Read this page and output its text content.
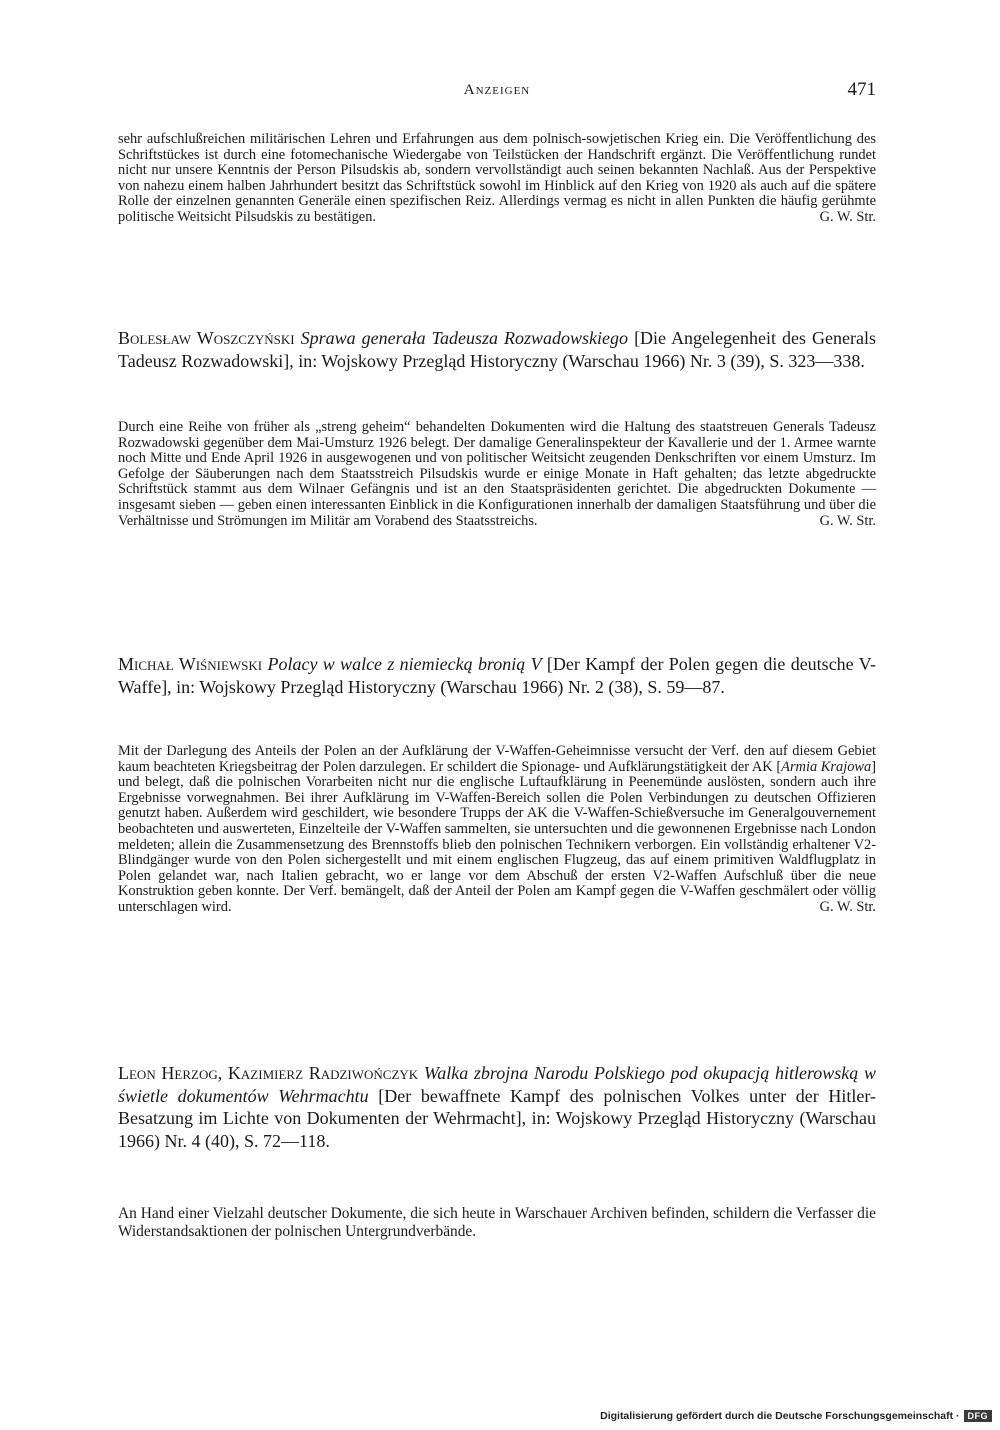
Anzeigen	471
sehr aufschlußreichen militärischen Lehren und Erfahrungen aus dem polnisch-sowjetischen Krieg ein. Die Veröffentlichung des Schriftstückes ist durch eine fotomechanische Wiedergabe von Teilstücken der Handschrift ergänzt. Die Veröffentlichung rundet nicht nur unsere Kenntnis der Person Pilsudskis ab, sondern vervollständigt auch seinen bekannten Nachlaß. Aus der Perspektive von nahezu einem halben Jahrhundert besitzt das Schriftstück sowohl im Hinblick auf den Krieg von 1920 als auch auf die spätere Rolle der einzelnen genannten Generäle einen spezifischen Reiz. Allerdings vermag es nicht in allen Punkten die häufig gerühmte politische Weitsicht Pilsudskis zu bestätigen.	G. W. Str.
Bolesław Woszczyński Sprawa generała Tadeusza Rozwadowskiego [Die Angelegenheit des Generals Tadeusz Rozwadowski], in: Wojskowy Przegląd Historyczny (Warschau 1966) Nr. 3 (39), S. 323—338.
Durch eine Reihe von früher als „streng geheim“ behandelten Dokumenten wird die Haltung des staatstreuen Generals Tadeusz Rozwadowski gegenüber dem Mai-Umsturz 1926 belegt. Der damalige Generalinspekteur der Kavallerie und der 1. Armee warnte noch Mitte und Ende April 1926 in ausgewogenen und von politischer Weitsicht zeugenden Denkschriften vor einem Umsturz. Im Gefolge der Säuberungen nach dem Staatsstreich Pilsudskis wurde er einige Monate in Haft gehalten; das letzte abgedruckte Schriftstück stammt aus dem Wilnaer Gefängnis und ist an den Staatspräsidenten gerichtet. Die abgedruckten Dokumente — insgesamt sieben — geben einen interessanten Einblick in die Konfigurationen innerhalb der damaligen Staatsführung und über die Verhältnisse und Strömungen im Militär am Vorabend des Staatsstreichs.	G. W. Str.
Michał Wiśniewski Polacy w walce z niemiecką bronią V [Der Kampf der Polen gegen die deutsche V-Waffe], in: Wojskowy Przegląd Historyczny (Warschau 1966) Nr. 2 (38), S. 59—87.
Mit der Darlegung des Anteils der Polen an der Aufklärung der V-Waffen-Geheimnisse versucht der Verf. den auf diesem Gebiet kaum beachteten Kriegsbeitrag der Polen darzulegen. Er schildert die Spionage- und Aufklärungstätigkeit der AK [Armia Krajowa] und belegt, daß die polnischen Vorarbeiten nicht nur die englische Luftaufklärung in Peenemünde auslösten, sondern auch ihre Ergebnisse vorwegnahmen. Bei ihrer Aufklärung im V-Waffen-Bereich sollen die Polen Verbindungen zu deutschen Offizieren genutzt haben. Außerdem wird geschildert, wie besondere Trupps der AK die V-Waffen-Schießversuche im Generalgouvernement beobachteten und auswerteten, Einzelteile der V-Waffen sammelten, sie untersuchten und die gewonnenen Ergebnisse nach London meldeten; allein die Zusammensetzung des Brennstoffs blieb den polnischen Technikern verborgen. Ein vollständig erhaltener V2-Blindgänger wurde von den Polen sichergestellt und mit einem englischen Flugzeug, das auf einem primitiven Waldflugplatz in Polen gelandet war, nach Italien gebracht, wo er lange vor dem Abschuß der ersten V2-Waffen Aufschluß über die neue Konstruktion geben konnte. Der Verf. bemängelt, daß der Anteil der Polen am Kampf gegen die V-Waffen geschmälert oder völlig unterschlagen wird.	G. W. Str.
Leon Herzog, Kazimierz Radziwończyk Walka zbrojna Narodu Polskiego pod okupacją hitlerowską w świetle dokumentów Wehrmachtu [Der bewaffnete Kampf des polnischen Volkes unter der Hitler-Besatzung im Lichte von Dokumenten der Wehrmacht], in: Wojskowy Przegląd Historyczny (Warschau 1966) Nr. 4 (40), S. 72—118.
An Hand einer Vielzahl deutscher Dokumente, die sich heute in Warschauer Archiven befinden, schildern die Verfasser die Widerstandsaktionen der polnischen Untergrundverbände.
Digitalisierung gefördert durch die Deutsche Forschungsgemeinschaft · DFG
